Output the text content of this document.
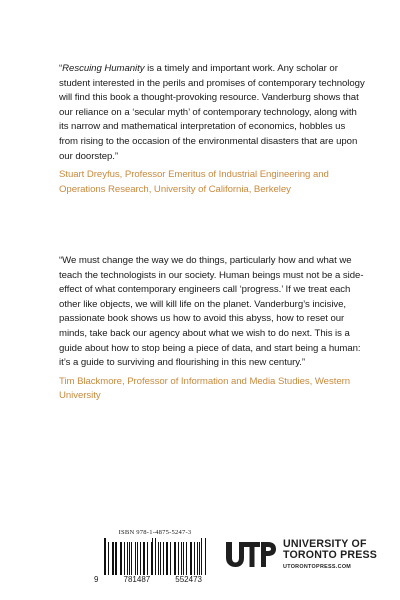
“Rescuing Humanity is a timely and important work. Any scholar or student interested in the perils and promises of contemporary technology will find this book a thought-provoking resource. Vanderburg shows that our reliance on a ‘secular myth’ of contemporary technology, along with its narrow and mathematical interpretation of economics, hobbles us from rising to the occasion of the environmental disasters that are upon our doorstep.”

Stuart Dreyfus, Professor Emeritus of Industrial Engineering and Operations Research, University of California, Berkeley

“We must change the way we do things, particularly how and what we teach the technologists in our society. Human beings must not be a side-effect of what contemporary engineers call ‘progress.’ If we treat each other like objects, we will kill life on the planet. Vanderburg’s incisive, passionate book shows us how to avoid this abyss, how to reset our minds, take back our agency about what we wish to do next. This is a guide about how to stop being a piece of data, and start being a human: it’s a guide to surviving and flourishing in this new century.”

Tim Blackmore, Professor of Information and Media Studies, Western University
ISBN 978-1-4875-5247-3
9	781487	552473
UNIVERSITY OF
TORONTO PRESS
UTORONTOPRESS.COM
